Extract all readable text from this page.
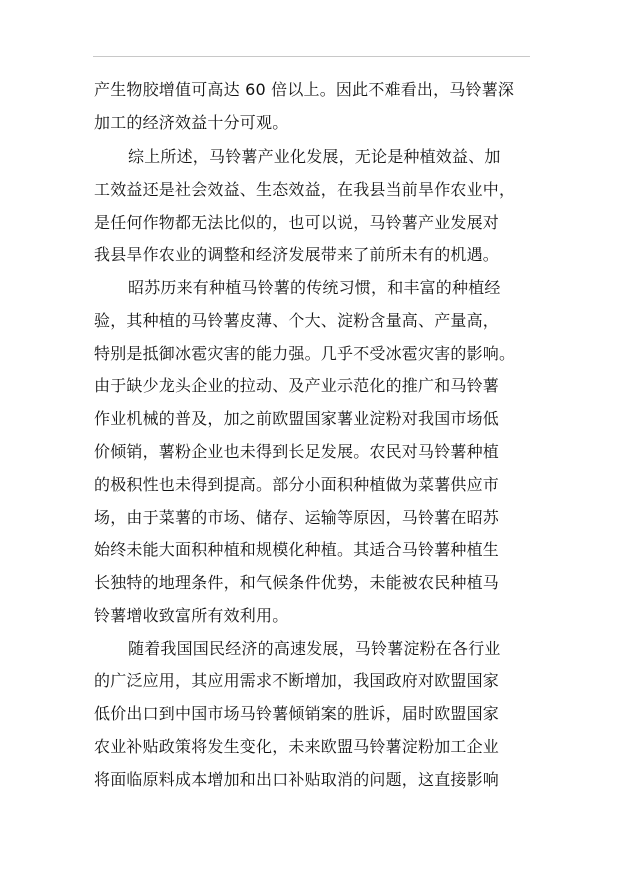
产生物胶增值可高达 60 倍以上。因此不难看出，马铃薯深
加工的经济效益十分可观。
综上所述，马铃薯产业化发展，无论是种植效益、加
工效益还是社会效益、生态效益，在我县当前旱作农业中，
是任何作物都无法比似的，也可以说，马铃薯产业发展对
我县旱作农业的调整和经济发展带来了前所未有的机遇。
昭苏历来有种植马铃薯的传统习惯，和丰富的种植经
验，其种植的马铃薯皮薄、个大、淀粉含量高、产量高，
特别是抵御冰雹灾害的能力强。几乎不受冰雹灾害的影响。
由于缺少龙头企业的拉动、及产业示范化的推广和马铃薯
作业机械的普及，加之前欧盟国家薯业淀粉对我国市场低
价倾销，薯粉企业也未得到长足发展。农民对马铃薯种植
的极积性也未得到提高。部分小面积种植做为菜薯供应市
场，由于菜薯的市场、储存、运输等原因，马铃薯在昭苏
始终未能大面积种植和规模化种植。其适合马铃薯种植生
长独特的地理条件，和气候条件优势，未能被农民种植马
铃薯增收致富所有效利用。
随着我国国民经济的高速发展，马铃薯淀粉在各行业
的广泛应用，其应用需求不断增加，我国政府对欧盟国家
低价出口到中国市场马铃薯倾销案的胜诉，届时欧盟国家
农业补贴政策将发生变化，未来欧盟马铃薯淀粉加工企业
将面临原料成本增加和出口补贴取消的问题，这直接影响
